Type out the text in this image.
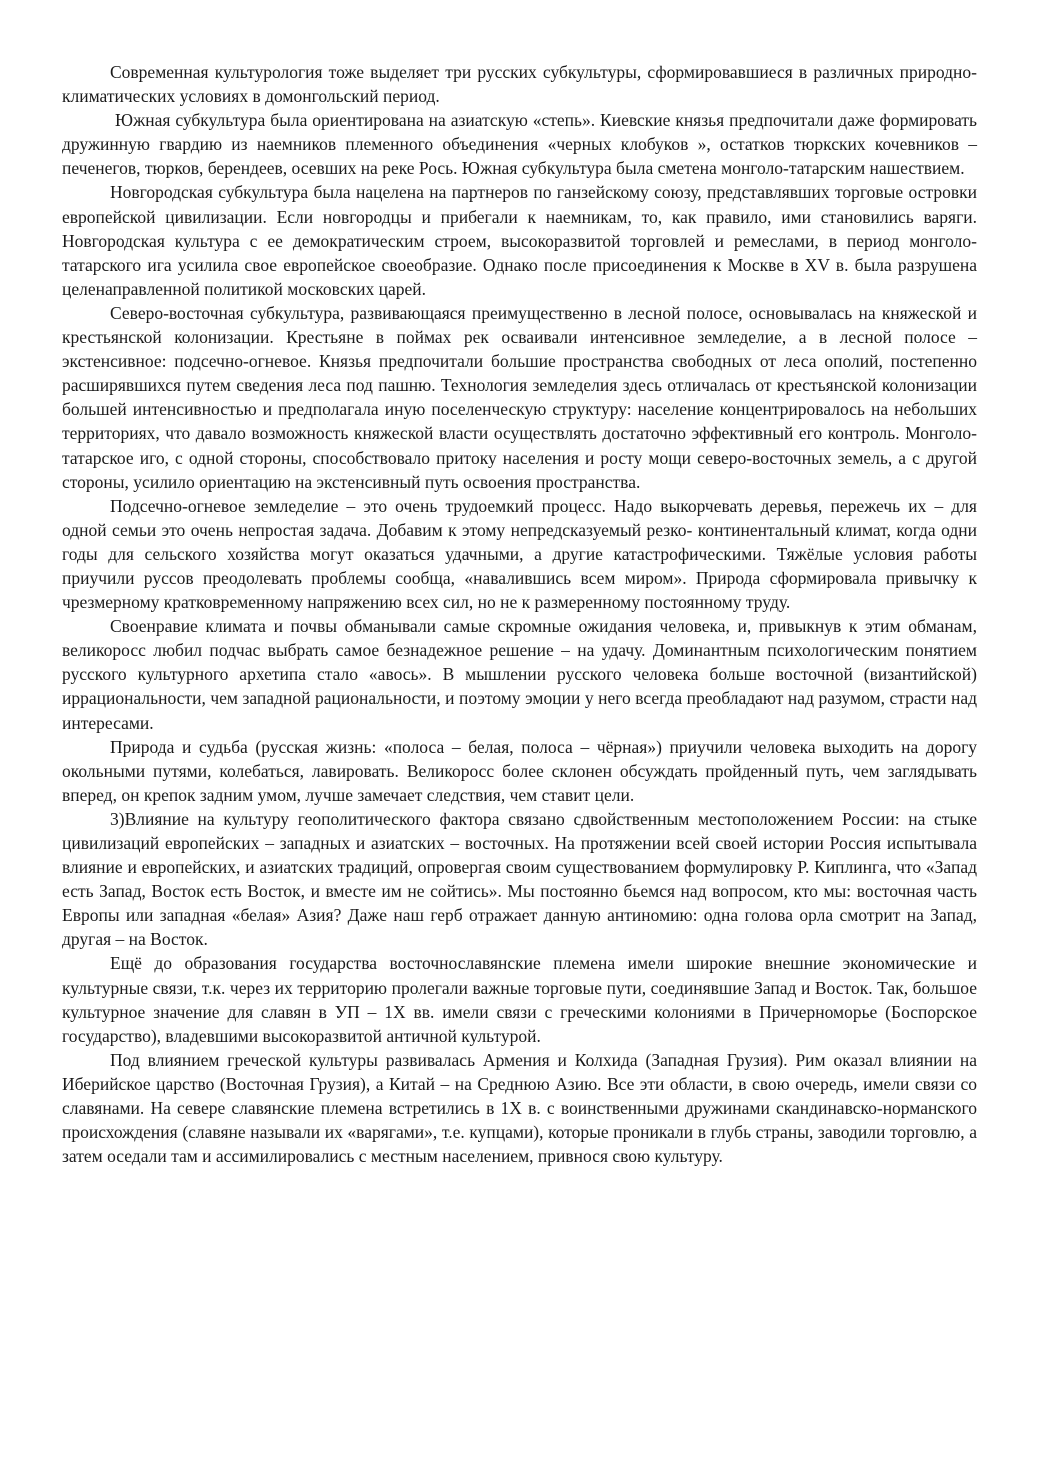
Современная культурология тоже выделяет три русских субкультуры, сформировавшиеся в различных природно-климатических условиях в домонгольский период.

Южная субкультура была ориентирована на азиатскую «степь». Киевские князья предпочитали даже формировать дружинную гвардию из наемников племенного объединения «черных клобуков », остатков тюркских кочевников – печенегов, тюрков, берендеев, осевших на реке Рось. Южная субкультура была сметена монголо-татарским нашествием.

Новгородская субкультура была нацелена на партнеров по ганзейскому союзу, представлявших торговые островки европейской цивилизации. Если новгородцы и прибегали к наемникам, то, как правило, ими становились варяги. Новгородская культура с ее демократическим строем, высокоразвитой торговлей и ремеслами, в период монголо-татарского ига усилила свое европейское своеобразие. Однако после присоединения к Москве в XV в. была разрушена целенаправленной политикой московских царей.

Северо-восточная субкультура, развивающаяся преимущественно в лесной полосе, основывалась на княжеской и крестьянской колонизации. Крестьяне в поймах рек осваивали интенсивное земледелие, а в лесной полосе – экстенсивное: подсечно-огневое. Князья предпочитали большие пространства свободных от леса ополий, постепенно расширявшихся путем сведения леса под пашню. Технология земледелия здесь отличалась от крестьянской колонизации большей интенсивностью и предполагала иную поселенческую структуру: население концентрировалось на небольших территориях, что давало возможность княжеской власти осуществлять достаточно эффективный его контроль. Монголо-татарское иго, с одной стороны, способствовало притоку населения и росту мощи северо-восточных земель, а с другой стороны, усилило ориентацию на экстенсивный путь освоения пространства.

Подсечно-огневое земледелие – это очень трудоемкий процесс. Надо выкорчевать деревья, пережечь их – для одной семьи это очень непростая задача. Добавим к этому непредсказуемый резко- континентальный климат, когда одни годы для сельского хозяйства могут оказаться удачными, а другие катастрофическими. Тяжёлые условия работы приучили руссов преодолевать проблемы сообща, «навалившись всем миром». Природа сформировала привычку к чрезмерному кратковременному напряжению всех сил, но не к размеренному постоянному труду.

Своенравие климата и почвы обманывали самые скромные ожидания человека, и, привыкнув к этим обманам, великоросс любил подчас выбрать самое безнадежное решение – на удачу. Доминантным психологическим понятием русского культурного архетипа стало «авось». В мышлении русского человека больше восточной (византийской) иррациональности, чем западной рациональности, и поэтому эмоции у него всегда преобладают над разумом, страсти над интересами.

Природа и судьба (русская жизнь: «полоса – белая, полоса – чёрная») приучили человека выходить на дорогу окольными путями, колебаться, лавировать. Великоросс более склонен обсуждать пройденный путь, чем заглядывать вперед, он крепок задним умом, лучше замечает следствия, чем ставит цели.

3)Влияние на культуру геополитического фактора связано сдвойственным местоположением России: на стыке цивилизаций европейских – западных и азиатских – восточных. На протяжении всей своей истории Россия испытывала влияние и европейских, и азиатских традиций, опровергая своим существованием формулировку Р. Киплинга, что «Запад есть Запад, Восток есть Восток, и вместе им не сойтись». Мы постоянно бьемся над вопросом, кто мы: восточная часть Европы или западная «белая» Азия? Даже наш герб отражает данную антиномию: одна голова орла смотрит на Запад, другая – на Восток.

Ещё до образования государства восточнославянские племена имели широкие внешние экономические и культурные связи, т.к. через их территорию пролегали важные торговые пути, соединявшие Запад и Восток. Так, большое культурное значение для славян в УП – 1Х вв. имели связи с греческими колониями в Причерноморье (Боспорское государство), владевшими высокоразвитой античной культурой.

Под влиянием греческой культуры развивалась Армения и Колхида (Западная Грузия). Рим оказал влиянии на Иберийское царство (Восточная Грузия), а Китай – на Среднюю Азию. Все эти области, в свою очередь, имели связи со славянами. На севере славянские племена встретились в 1Х в. с воинственными дружинами скандинавско-норманского происхождения (славяне называли их «варягами», т.е. купцами), которые проникали в глубь страны, заводили торговлю, а затем оседали там и ассимилировались с местным населением, привнося свою культуру.
